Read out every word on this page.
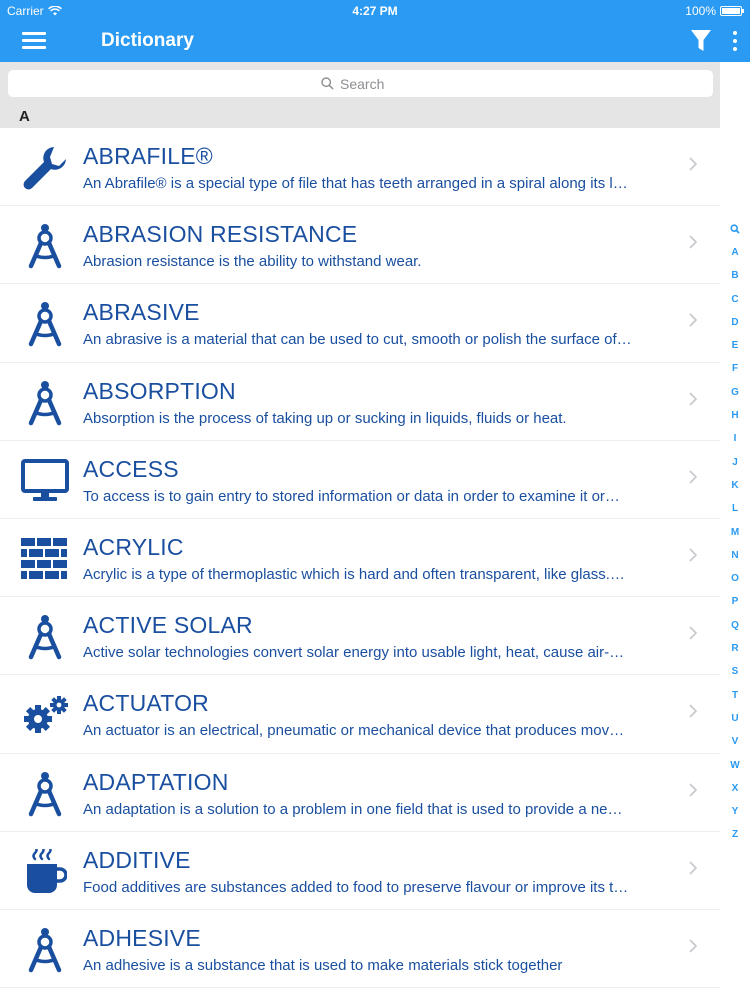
Carrier	4:27 PM	100%
Dictionary
Search
A
ABRAFILE®
An Abrafile® is a special type of file that has teeth arranged in a spiral along its l…
ABRASION RESISTANCE
Abrasion resistance is the ability to withstand wear.
ABRASIVE
An abrasive is a material that can be used to cut, smooth or polish the surface of…
ABSORPTION
Absorption is the process of taking up or sucking in liquids, fluids or heat.
ACCESS
To access is to gain entry to stored information or data in order to examine it or…
ACRYLIC
Acrylic is a type of thermoplastic which is hard and often transparent, like glass.…
ACTIVE SOLAR
Active solar technologies convert solar energy into usable light, heat, cause air-…
ACTUATOR
An actuator is an electrical, pneumatic or mechanical device that produces mov…
ADAPTATION
An adaptation is a solution to a problem in one field that is used to provide a ne…
ADDITIVE
Food additives are substances added to food to preserve flavour or improve its t…
ADHESIVE
An adhesive is a substance that is used to make materials stick together
A
B
C
D
E
F
G
H
I
J
K
L
M
N
O
P
Q
R
S
T
U
V
W
X
Y
Z
